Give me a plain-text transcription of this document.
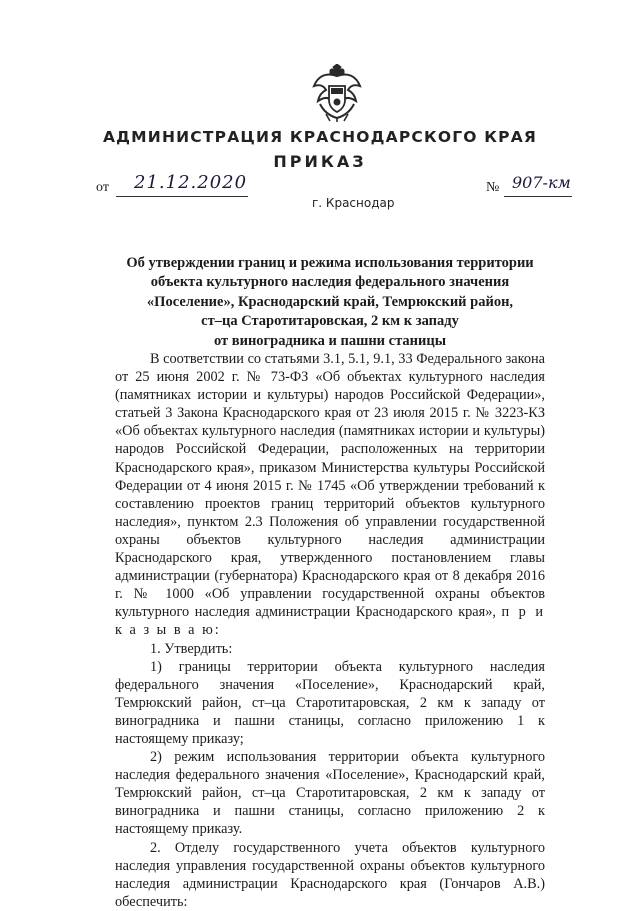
АДМИНИСТРАЦИЯ КРАСНОДАРСКОГО КРАЯ
ПРИКАЗ
от 21.12.2020	№ 907-км
г. Краснодар
Об утверждении границ и режима использования территории
объекта культурного наследия федерального значения
«Поселение», Краснодарский край, Темрюкский район,
ст–ца Старотитаровская, 2 км к западу
от виноградника и пашни станицы

В соответствии со статьями 3.1, 5.1, 9.1, 33 Федерального закона от 25 июня 2002 г. № 73-ФЗ «Об объектах культурного наследия (памятниках истории и культуры) народов Российской Федерации», статьей 3 Закона Краснодарского края от 23 июля 2015 г. № 3223-КЗ «Об объектах культурного наследия (памятниках истории и культуры) народов Российской Федерации, расположенных на территории Краснодарского края», приказом Министерства культуры Российской Федерации от 4 июня 2015 г. № 1745 «Об утверждении требований к составлению проектов границ территорий объектов культурного наследия», пунктом 2.3 Положения об управлении государственной охраны объектов культурного наследия администрации Краснодарского края, утвержденного постановлением главы администрации (губернатора) Краснодарского края от 8 декабря 2016 г. № 1000 «Об управлении государственной охраны объектов культурного наследия администрации Краснодарского края», п р и к а з ы в а ю:

1. Утвердить:

1) границы территории объекта культурного наследия федерального значения «Поселение», Краснодарский край, Темрюкский район, ст–ца Старотитаровская, 2 км к западу от виноградника и пашни станицы, согласно приложению 1 к настоящему приказу;

2) режим использования территории объекта культурного наследия федерального значения «Поселение», Краснодарский край, Темрюкский район, ст–ца Старотитаровская, 2 км к западу от виноградника и пашни станицы, согласно приложению 2 к настоящему приказу.

2. Отделу государственного учета объектов культурного наследия управления государственной охраны объектов культурного наследия администрации Краснодарского края (Гончаров А.В.) обеспечить:
